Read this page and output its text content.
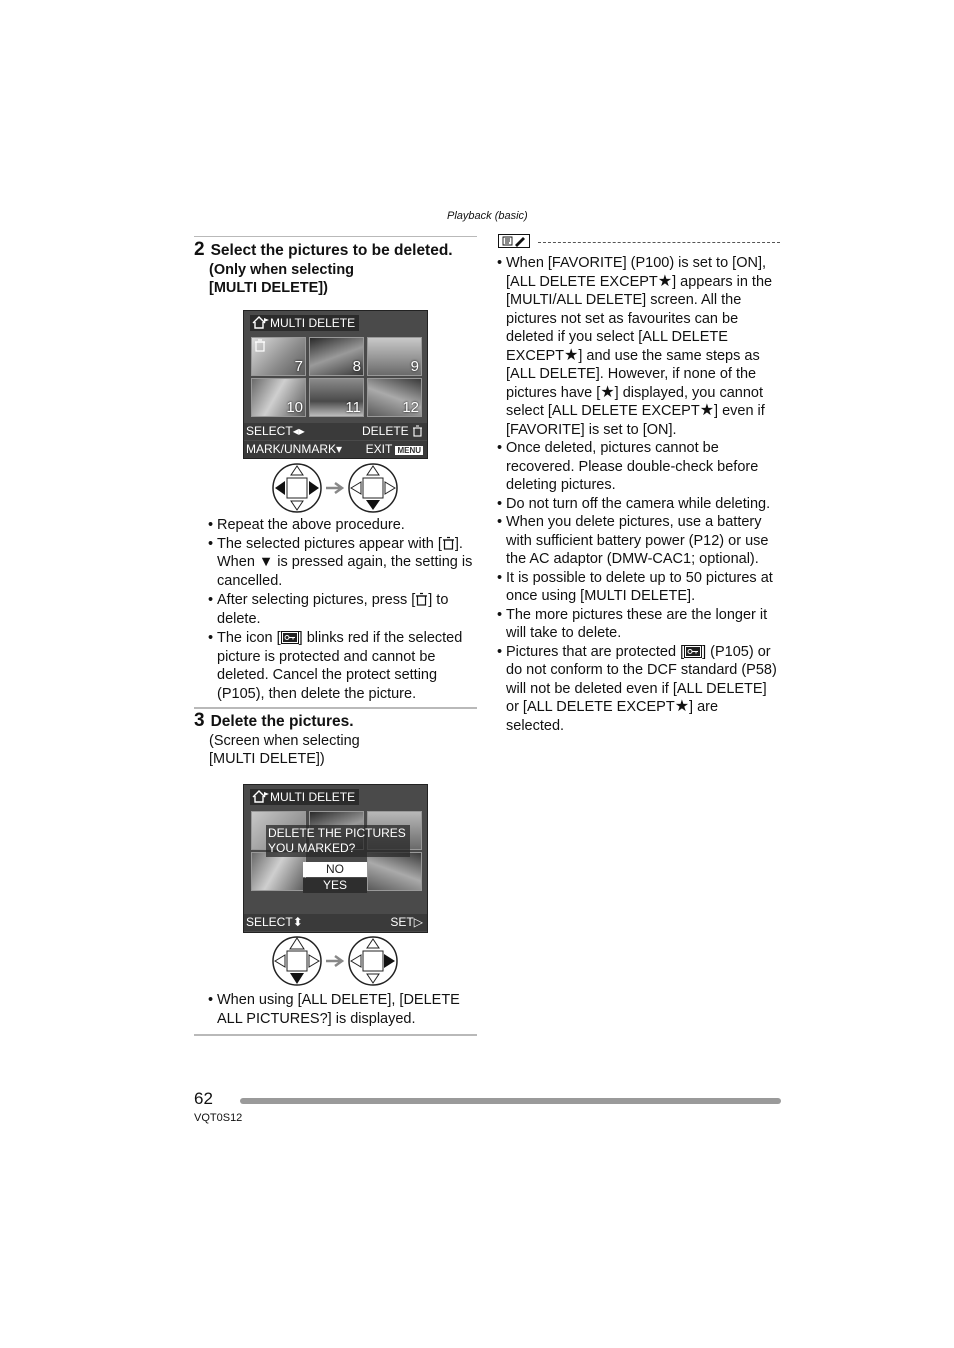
Playback (basic)
2 Select the pictures to be deleted.
(Only when selecting
[MULTI DELETE])
MULTI DELETE
7	8	9
10	11	12
SELECT◂▸	DELETE
MARK/UNMARK▾ EXIT MENU
• Repeat the above procedure.
• The selected pictures appear with [ ].
When ▼ is pressed again, the setting is
cancelled.
• After selecting pictures, press [ ] to
delete.
• The icon [ ] blinks red if the selected
picture is protected and cannot be
deleted. Cancel the protect setting
(P105), then delete the picture.
3 Delete the pictures.
(Screen when selecting
[MULTI DELETE])
MULTI DELETE
DELETE THE PICTURES
YOU MARKED?
NO
YES
SELECT⬍	SET▷
• When using [ALL DELETE], [DELETE
ALL PICTURES?] is displayed.
• When [FAVORITE] (P100) is set to [ON],
[ALL DELETE EXCEPT★] appears in the
[MULTI/ALL DELETE] screen. All the
pictures not set as favourites can be
deleted if you select [ALL DELETE
EXCEPT★] and use the same steps as
[ALL DELETE]. However, if none of the
pictures have [★] displayed, you cannot
select [ALL DELETE EXCEPT★] even if
[FAVORITE] is set to [ON].
• Once deleted, pictures cannot be
recovered. Please double-check before
deleting pictures.
• Do not turn off the camera while deleting.
• When you delete pictures, use a battery
with sufficient battery power (P12) or use
the AC adaptor (DMW-CAC1; optional).
• It is possible to delete up to 50 pictures at
once using [MULTI DELETE].
• The more pictures these are the longer it
will take to delete.
• Pictures that are protected [ ] (P105) or
do not conform to the DCF standard (P58)
will not be deleted even if [ALL DELETE]
or [ALL DELETE EXCEPT★] are
selected.
62
VQT0S12
